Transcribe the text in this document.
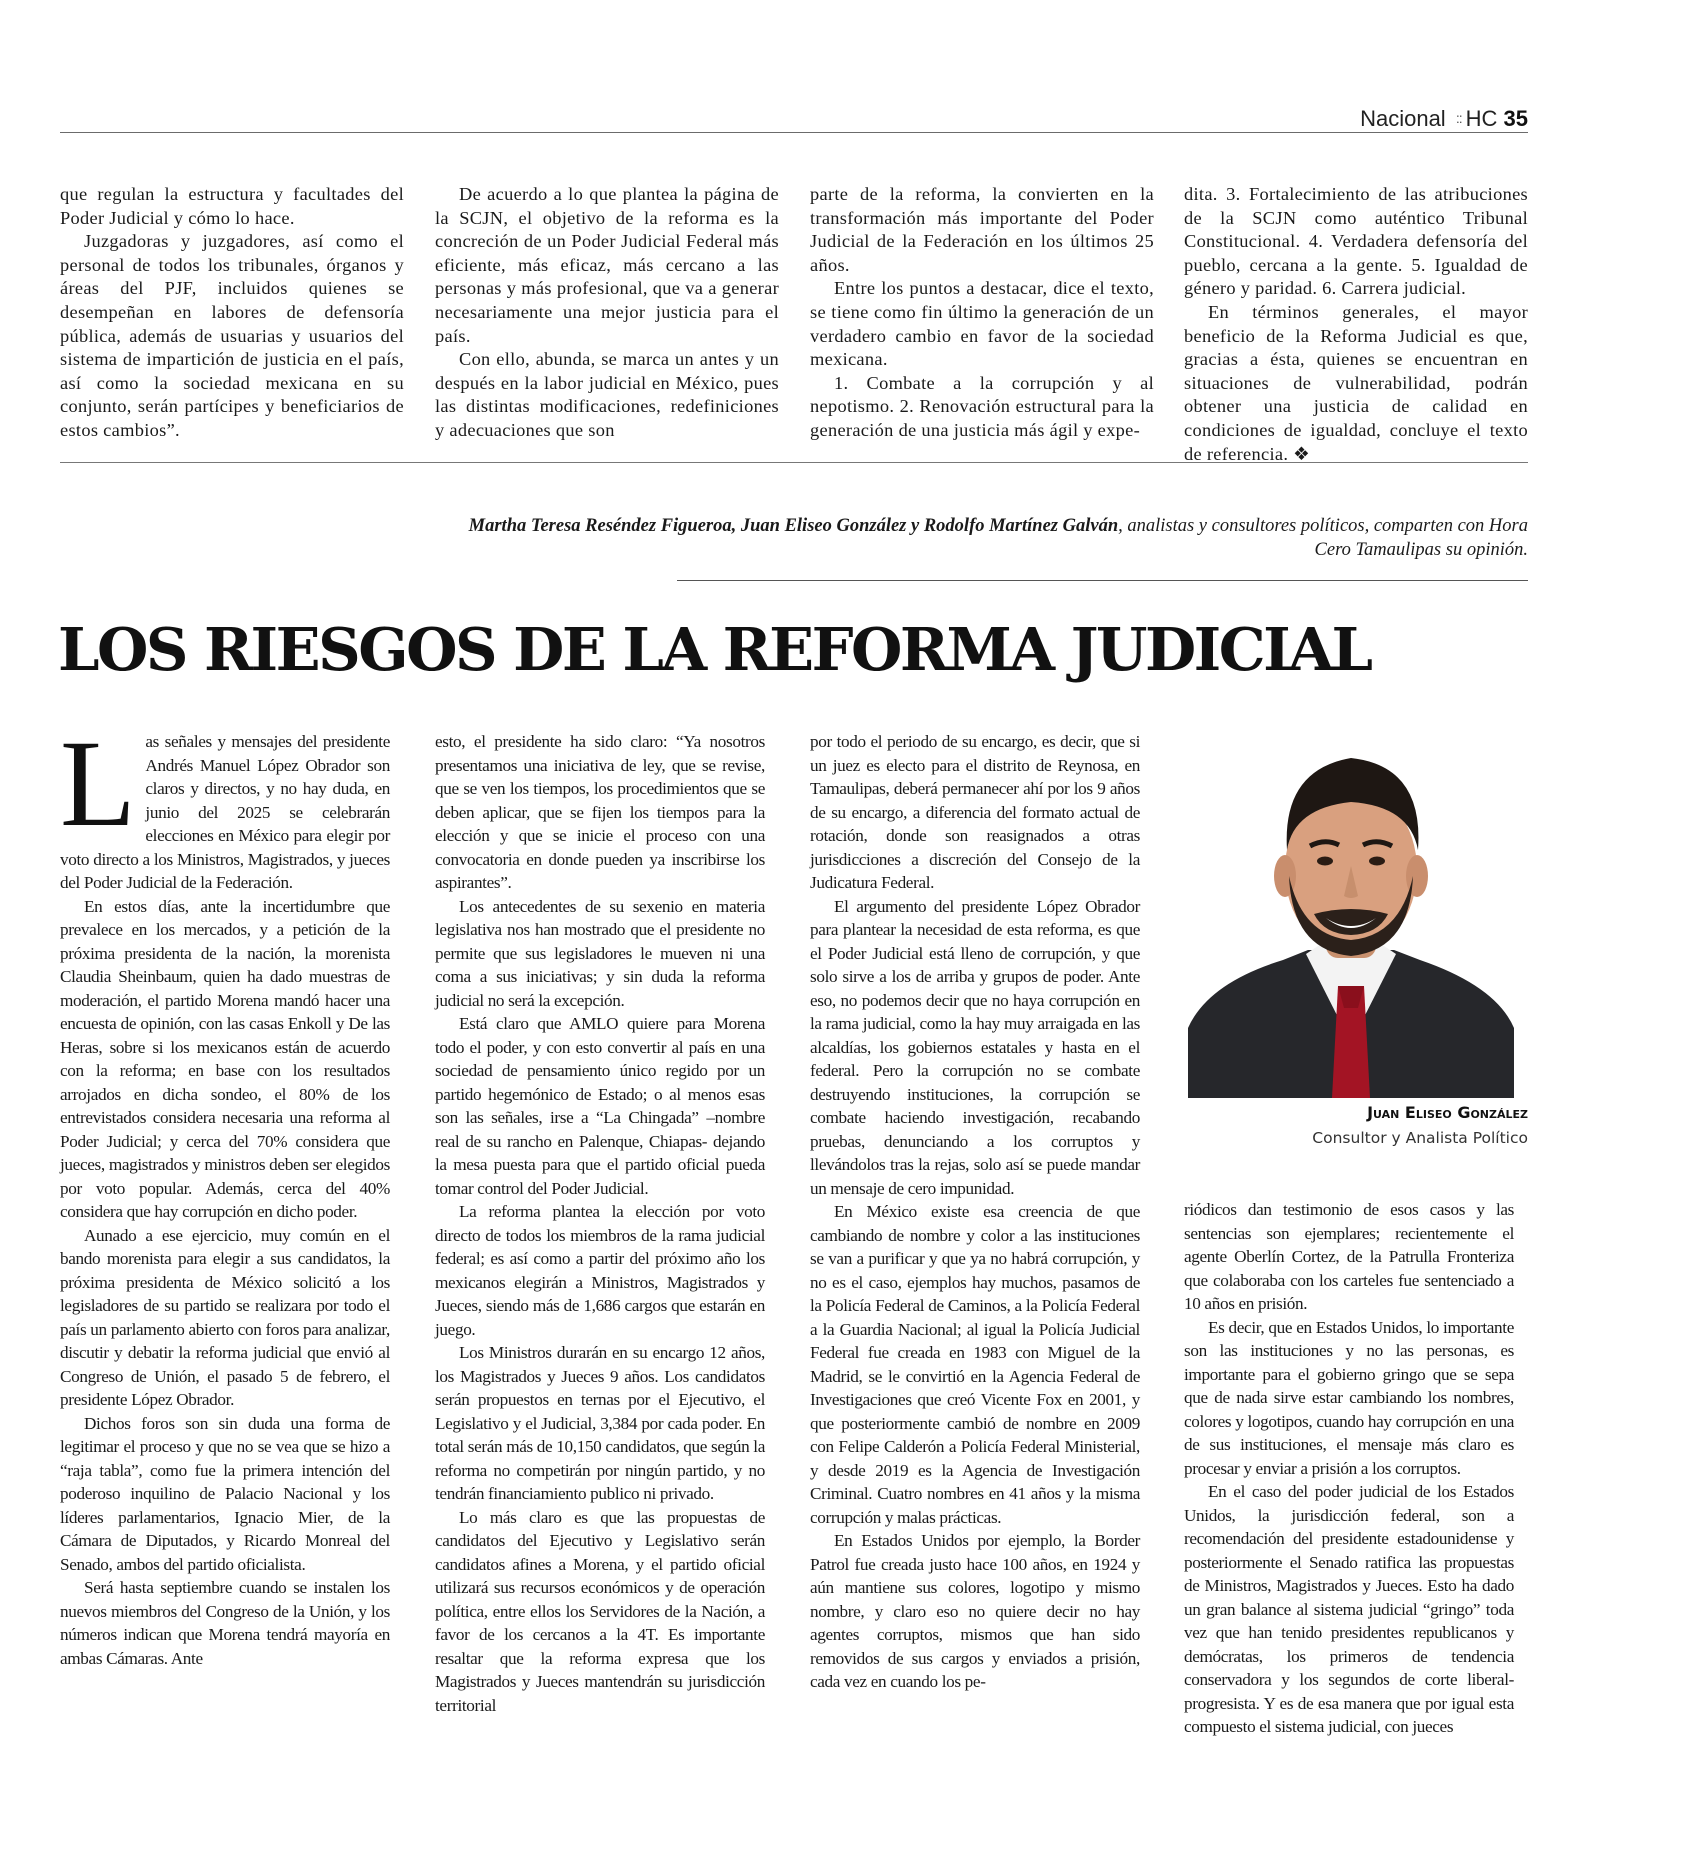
Nacional :: HC 35

que regulan la estructura y facultades del Poder Judicial y cómo lo hace.

Juzgadoras y juzgadores, así como el personal de todos los tribunales, órganos y áreas del PJF, incluidos quienes se desempeñan en labores de defensoría pública, además de usuarias y usuarios del sistema de impartición de justicia en el país, así como la sociedad mexicana en su conjunto, serán partícipes y beneficiarios de estos cambios”.

De acuerdo a lo que plantea la página de la SCJN, el objetivo de la reforma es la concreción de un Poder Judicial Federal más eficiente, más eficaz, más cercano a las personas y más profesional, que va a generar necesariamente una mejor justicia para el país.

Con ello, abunda, se marca un antes y un después en la labor judicial en México, pues las distintas modificaciones, redefiniciones y adecuaciones que son

parte de la reforma, la convierten en la transformación más importante del Poder Judicial de la Federación en los últimos 25 años.

Entre los puntos a destacar, dice el texto, se tiene como fin último la generación de un verdadero cambio en favor de la sociedad mexicana.

1. Combate a la corrupción y al nepotismo. 2. Renovación estructural para la generación de una justicia más ágil y expe-

dita. 3. Fortalecimiento de las atribuciones de la SCJN como auténtico Tribunal Constitucional. 4. Verdadera defensoría del pueblo, cercana a la gente. 5. Igualdad de género y paridad. 6. Carrera judicial.

En términos generales, el mayor beneficio de la Reforma Judicial es que, gracias a ésta, quienes se encuentran en situaciones de vulnerabilidad, podrán obtener una justicia de calidad en condiciones de igualdad, concluye el texto de referencia. ❖

Martha Teresa Reséndez Figueroa, Juan Eliseo González y Rodolfo Martínez Galván, analistas y consultores políticos, comparten con Hora Cero Tamaulipas su opinión.
LOS RIESGOS DE LA REFORMA JUDICIAL

Las señales y mensajes del presidente Andrés Manuel López Obrador son claros y directos, y no hay duda, en junio del 2025 se celebrarán elecciones en México para elegir por voto directo a los Ministros, Magistrados, y jueces del Poder Judicial de la Federación.

En estos días, ante la incertidumbre que prevalece en los mercados, y a petición de la próxima presidenta de la nación, la morenista Claudia Sheinbaum, quien ha dado muestras de moderación, el partido Morena mandó hacer una encuesta de opinión, con las casas Enkoll y De las Heras, sobre si los mexicanos están de acuerdo con la reforma; en base con los resultados arrojados en dicha sondeo, el 80% de los entrevistados considera necesaria una reforma al Poder Judicial; y cerca del 70% considera que jueces, magistrados y ministros deben ser elegidos por voto popular. Además, cerca del 40% considera que hay corrupción en dicho poder.

Aunado a ese ejercicio, muy común en el bando morenista para elegir a sus candidatos, la próxima presidenta de México solicitó a los legisladores de su partido se realizara por todo el país un parlamento abierto con foros para analizar, discutir y debatir la reforma judicial que envió al Congreso de Unión, el pasado 5 de febrero, el presidente López Obrador.

Dichos foros son sin duda una forma de legitimar el proceso y que no se vea que se hizo a “raja tabla”, como fue la primera intención del poderoso inquilino de Palacio Nacional y los líderes parlamentarios, Ignacio Mier, de la Cámara de Diputados, y Ricardo Monreal del Senado, ambos del partido oficialista.

Será hasta septiembre cuando se instalen los nuevos miembros del Congreso de la Unión, y los números indican que Morena tendrá mayoría en ambas Cámaras. Ante

esto, el presidente ha sido claro: “Ya nosotros presentamos una iniciativa de ley, que se revise, que se ven los tiempos, los procedimientos que se deben aplicar, que se fijen los tiempos para la elección y que se inicie el proceso con una convocatoria en donde pueden ya inscribirse los aspirantes”.

Los antecedentes de su sexenio en materia legislativa nos han mostrado que el presidente no permite que sus legisladores le mueven ni una coma a sus iniciativas; y sin duda la reforma judicial no será la excepción.

Está claro que AMLO quiere para Morena todo el poder, y con esto convertir al país en una sociedad de pensamiento único regido por un partido hegemónico de Estado; o al menos esas son las señales, irse a “La Chingada” –nombre real de su rancho en Palenque, Chiapas- dejando la mesa puesta para que el partido oficial pueda tomar control del Poder Judicial.

La reforma plantea la elección por voto directo de todos los miembros de la rama judicial federal; es así como a partir del próximo año los mexicanos elegirán a Ministros, Magistrados y Jueces, siendo más de 1,686 cargos que estarán en juego.

Los Ministros durarán en su encargo 12 años, los Magistrados y Jueces 9 años. Los candidatos serán propuestos en ternas por el Ejecutivo, el Legislativo y el Judicial, 3,384 por cada poder. En total serán más de 10,150 candidatos, que según la reforma no competirán por ningún partido, y no tendrán financiamiento publico ni privado.

Lo más claro es que las propuestas de candidatos del Ejecutivo y Legislativo serán candidatos afines a Morena, y el partido oficial utilizará sus recursos económicos y de operación política, entre ellos los Servidores de la Nación, a favor de los cercanos a la 4T. Es importante resaltar que la reforma expresa que los Magistrados y Jueces mantendrán su jurisdicción territorial

por todo el periodo de su encargo, es decir, que si un juez es electo para el distrito de Reynosa, en Tamaulipas, deberá permanecer ahí por los 9 años de su encargo, a diferencia del formato actual de rotación, donde son reasignados a otras jurisdicciones a discreción del Consejo de la Judicatura Federal.

El argumento del presidente López Obrador para plantear la necesidad de esta reforma, es que el Poder Judicial está lleno de corrupción, y que solo sirve a los de arriba y grupos de poder. Ante eso, no podemos decir que no haya corrupción en la rama judicial, como la hay muy arraigada en las alcaldías, los gobiernos estatales y hasta en el federal. Pero la corrupción no se combate destruyendo instituciones, la corrupción se combate haciendo investigación, recabando pruebas, denunciando a los corruptos y llevándolos tras la rejas, solo así se puede mandar un mensaje de cero impunidad.

En México existe esa creencia de que cambiando de nombre y color a las instituciones se van a purificar y que ya no habrá corrupción, y no es el caso, ejemplos hay muchos, pasamos de la Policía Federal de Caminos, a la Policía Federal a la Guardia Nacional; al igual la Policía Judicial Federal fue creada en 1983 con Miguel de la Madrid, se le convirtió en la Agencia Federal de Investigaciones que creó Vicente Fox en 2001, y que posteriormente cambió de nombre en 2009 con Felipe Calderón a Policía Federal Ministerial, y desde 2019 es la Agencia de Investigación Criminal. Cuatro nombres en 41 años y la misma corrupción y malas prácticas.

En Estados Unidos por ejemplo, la Border Patrol fue creada justo hace 100 años, en 1924 y aún mantiene sus colores, logotipo y mismo nombre, y claro eso no quiere decir no hay agentes corruptos, mismos que han sido removidos de sus cargos y enviados a prisión, cada vez en cuando los pe-

Juan Eliseo González
Consultor y Analista Político

riódicos dan testimonio de esos casos y las sentencias son ejemplares; recientemente el agente Oberlín Cortez, de la Patrulla Fronteriza que colaboraba con los carteles fue sentenciado a 10 años en prisión.

Es decir, que en Estados Unidos, lo importante son las instituciones y no las personas, es importante para el gobierno gringo que se sepa que de nada sirve estar cambiando los nombres, colores y logotipos, cuando hay corrupción en una de sus instituciones, el mensaje más claro es procesar y enviar a prisión a los corruptos.

En el caso del poder judicial de los Estados Unidos, la jurisdicción federal, son a recomendación del presidente estadounidense y posteriormente el Senado ratifica las propuestas de Ministros, Magistrados y Jueces. Esto ha dado un gran balance al sistema judicial “gringo” toda vez que han tenido presidentes republicanos y demócratas, los primeros de tendencia conservadora y los segundos de corte liberal-progresista. Y es de esa manera que por igual esta compuesto el sistema judicial, con jueces
